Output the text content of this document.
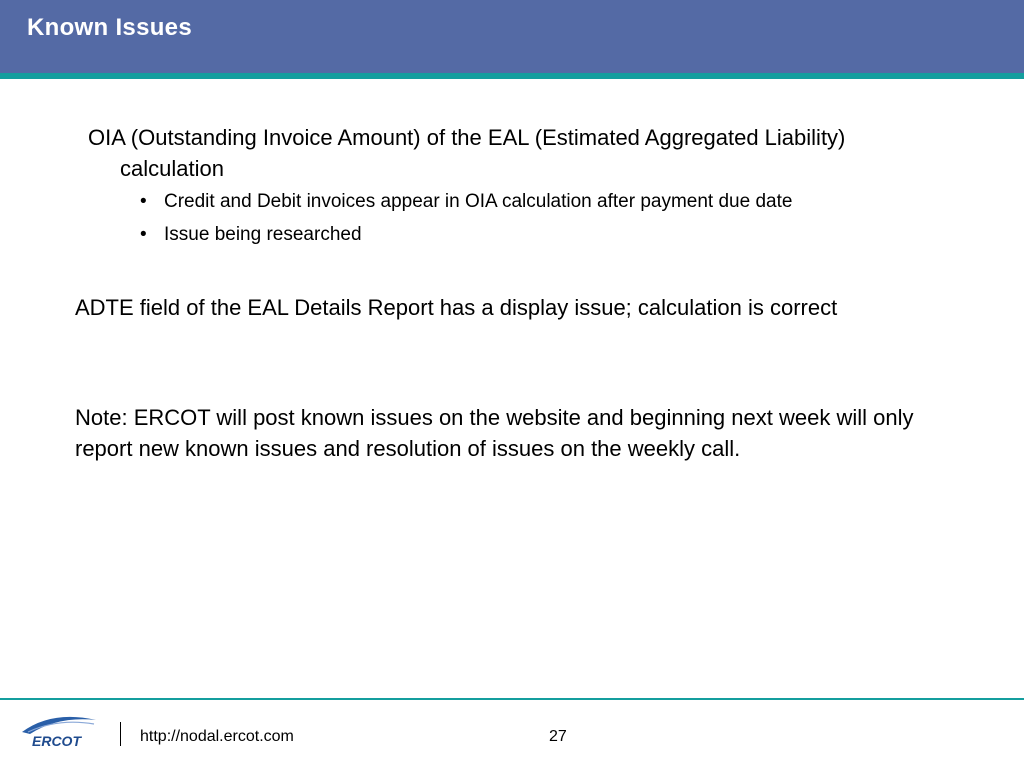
Known Issues
OIA (Outstanding Invoice Amount) of the EAL (Estimated Aggregated Liability) calculation
• Credit and Debit invoices appear in OIA calculation after payment due date
• Issue being researched
ADTE field of the EAL Details Report has a display issue; calculation is correct
Note: ERCOT will post known issues on the website and beginning next week will only report new known issues and resolution of issues on the weekly call.
ERCOT	http://nodal.ercot.com	27
